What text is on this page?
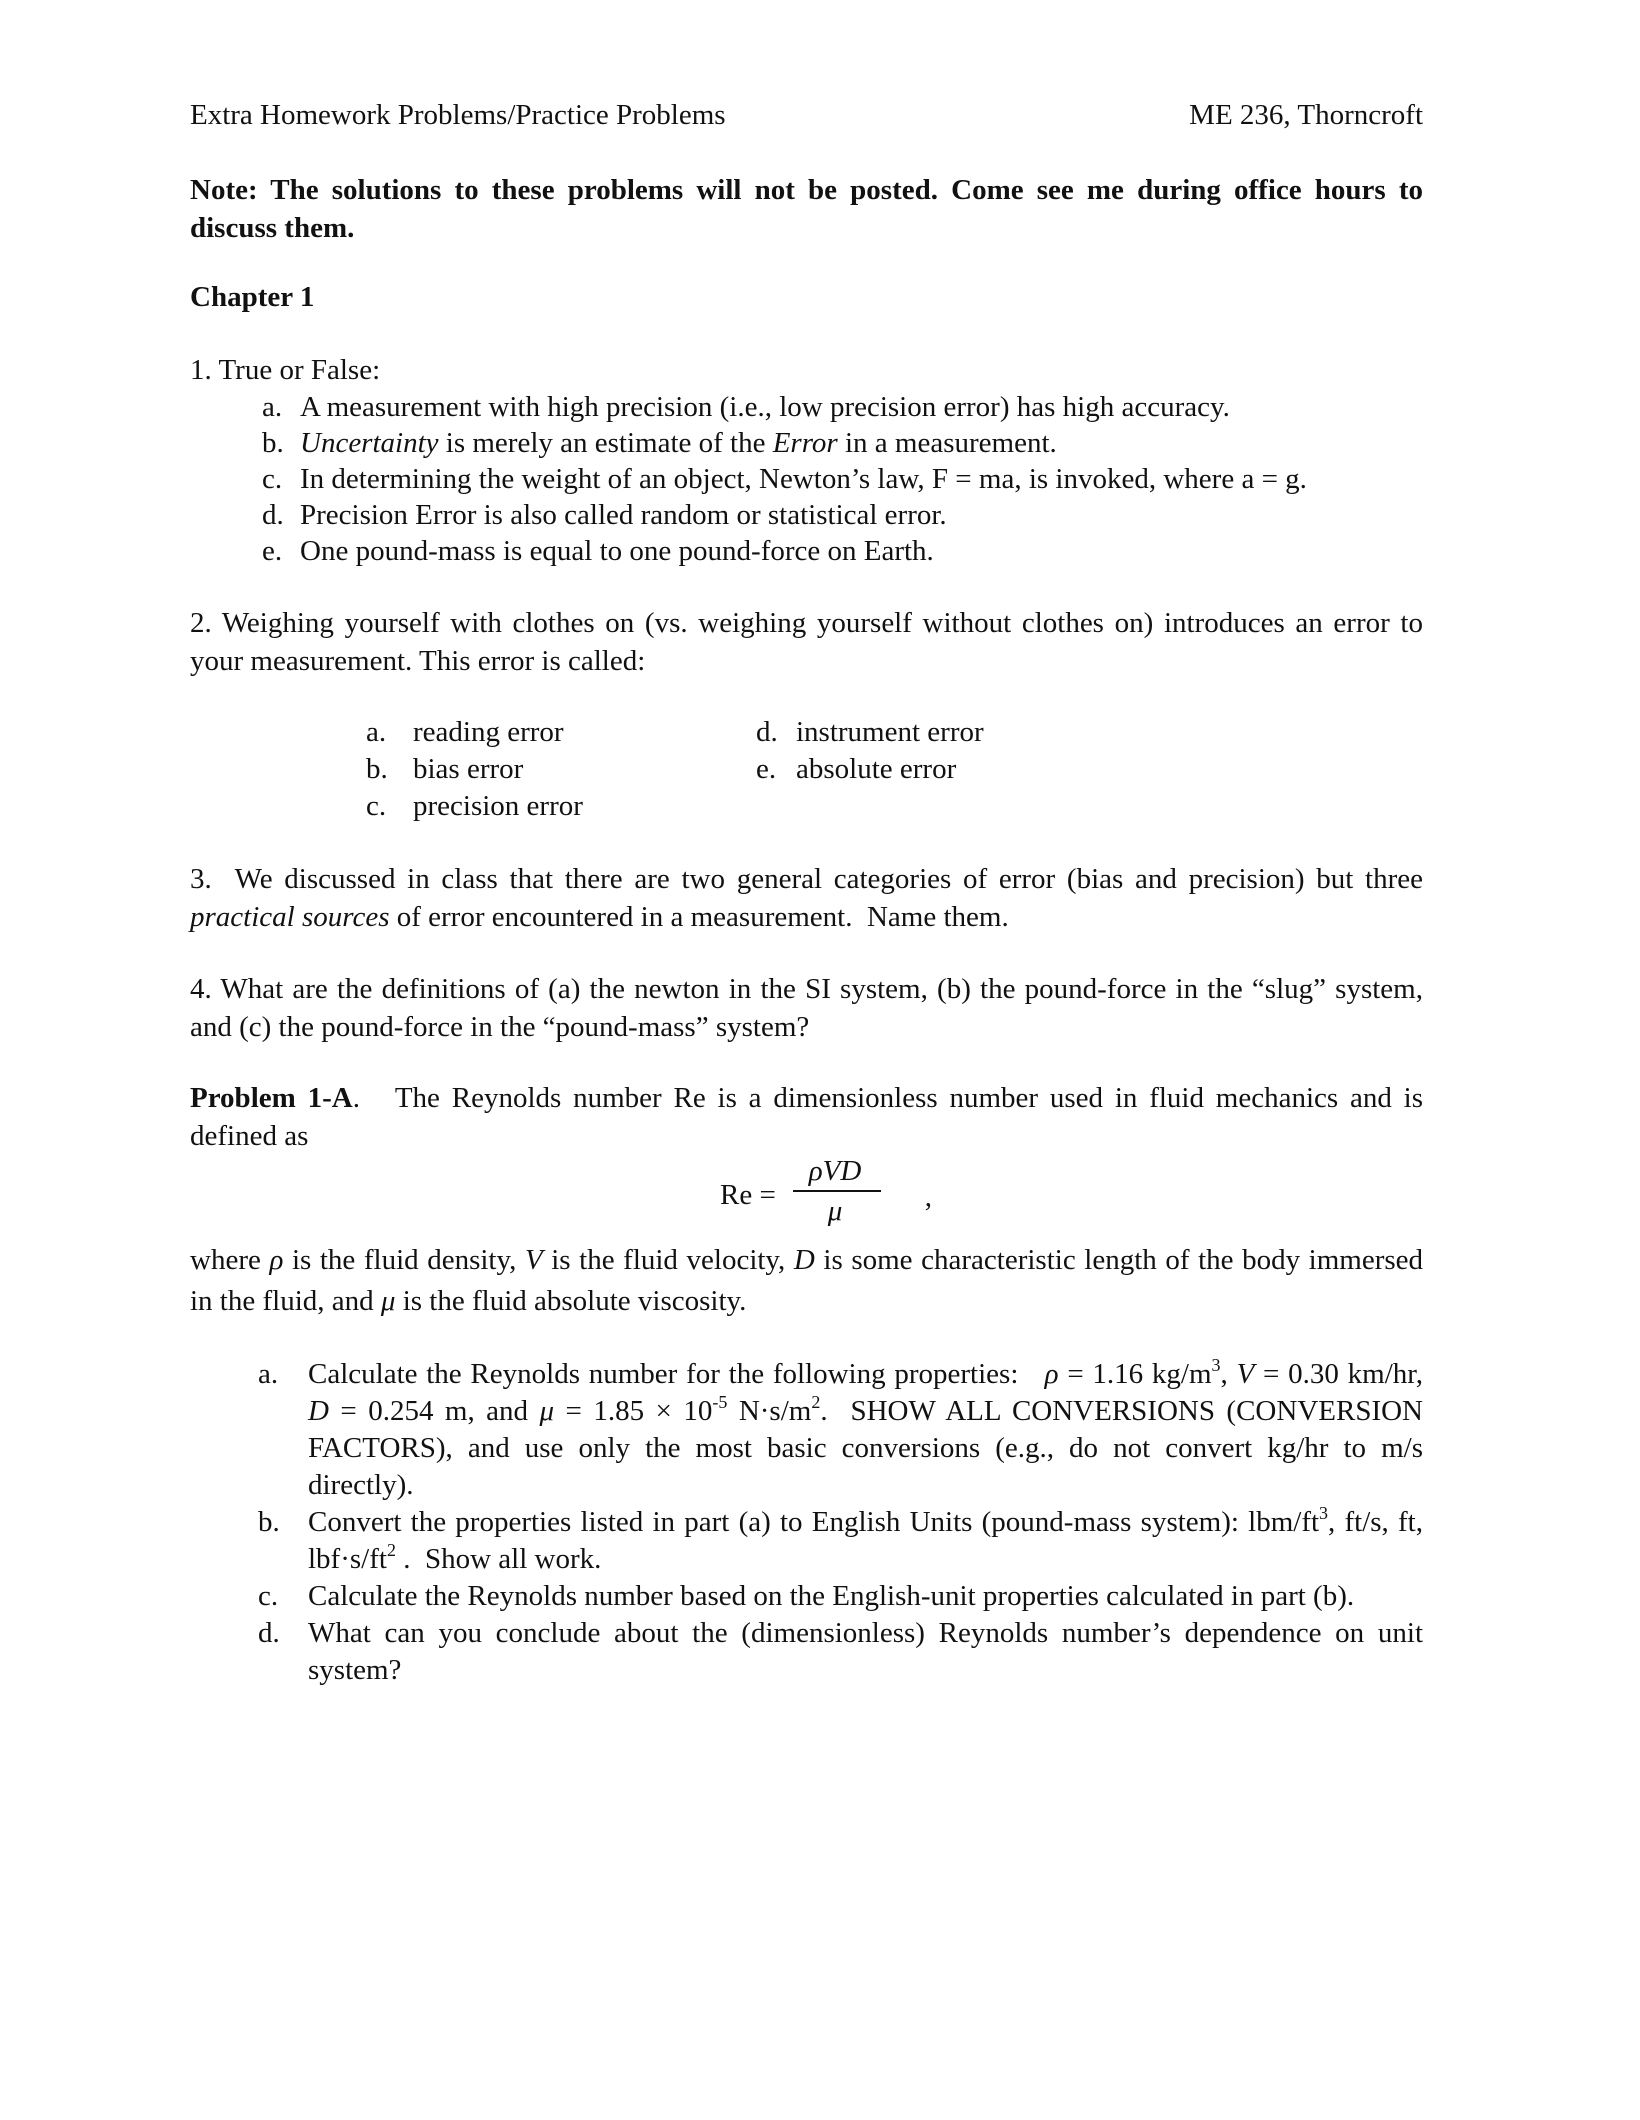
Extra Homework Problems/Practice Problems	ME 236, Thorncroft
Note: The solutions to these problems will not be posted. Come see me during office hours to discuss them.
Chapter 1
1. True or False:
a. A measurement with high precision (i.e., low precision error) has high accuracy.
b. Uncertainty is merely an estimate of the Error in a measurement.
c. In determining the weight of an object, Newton’s law, F = ma, is invoked, where a = g.
d. Precision Error is also called random or statistical error.
e. One pound-mass is equal to one pound-force on Earth.
2. Weighing yourself with clothes on (vs. weighing yourself without clothes on) introduces an error to your measurement. This error is called:
a. reading error
b. bias error
c. precision error
d. instrument error
e. absolute error
3.  We discussed in class that there are two general categories of error (bias and precision) but three practical sources of error encountered in a measurement.  Name them.
4. What are the definitions of (a) the newton in the SI system, (b) the pound-force in the “slug” system, and (c) the pound-force in the “pound-mass” system?
Problem 1-A.   The Reynolds number Re is a dimensionless number used in fluid mechanics and is defined as
Re =
ρVD
μ	,
where ρ is the fluid density, V is the fluid velocity, D is some characteristic length of the body immersed in the fluid, and μ is the fluid absolute viscosity.
a.	Calculate the Reynolds number for the following properties:   ρ = 1.16 $kg/m^3$, V = 0.30 km/hr, D = 0.254 m, and $\mu = 1.85 \times 10^{-5}$ $N\cdot s/m^2$.  SHOW ALL CONVERSIONS (CONVERSION FACTORS), and use only the most basic conversions (e.g., do not convert kg/hr to m/s directly).
b. Convert the properties listed in part (a) to English Units (pound-mass system): lbm/$ft^3$, ft/s, ft, $lbf\cdot s/ft^2$ .  Show all work.
c.	Calculate the Reynolds number based on the English-unit properties calculated in part (b).
d. What can you conclude about the (dimensionless) Reynolds number’s dependence on unit system?
